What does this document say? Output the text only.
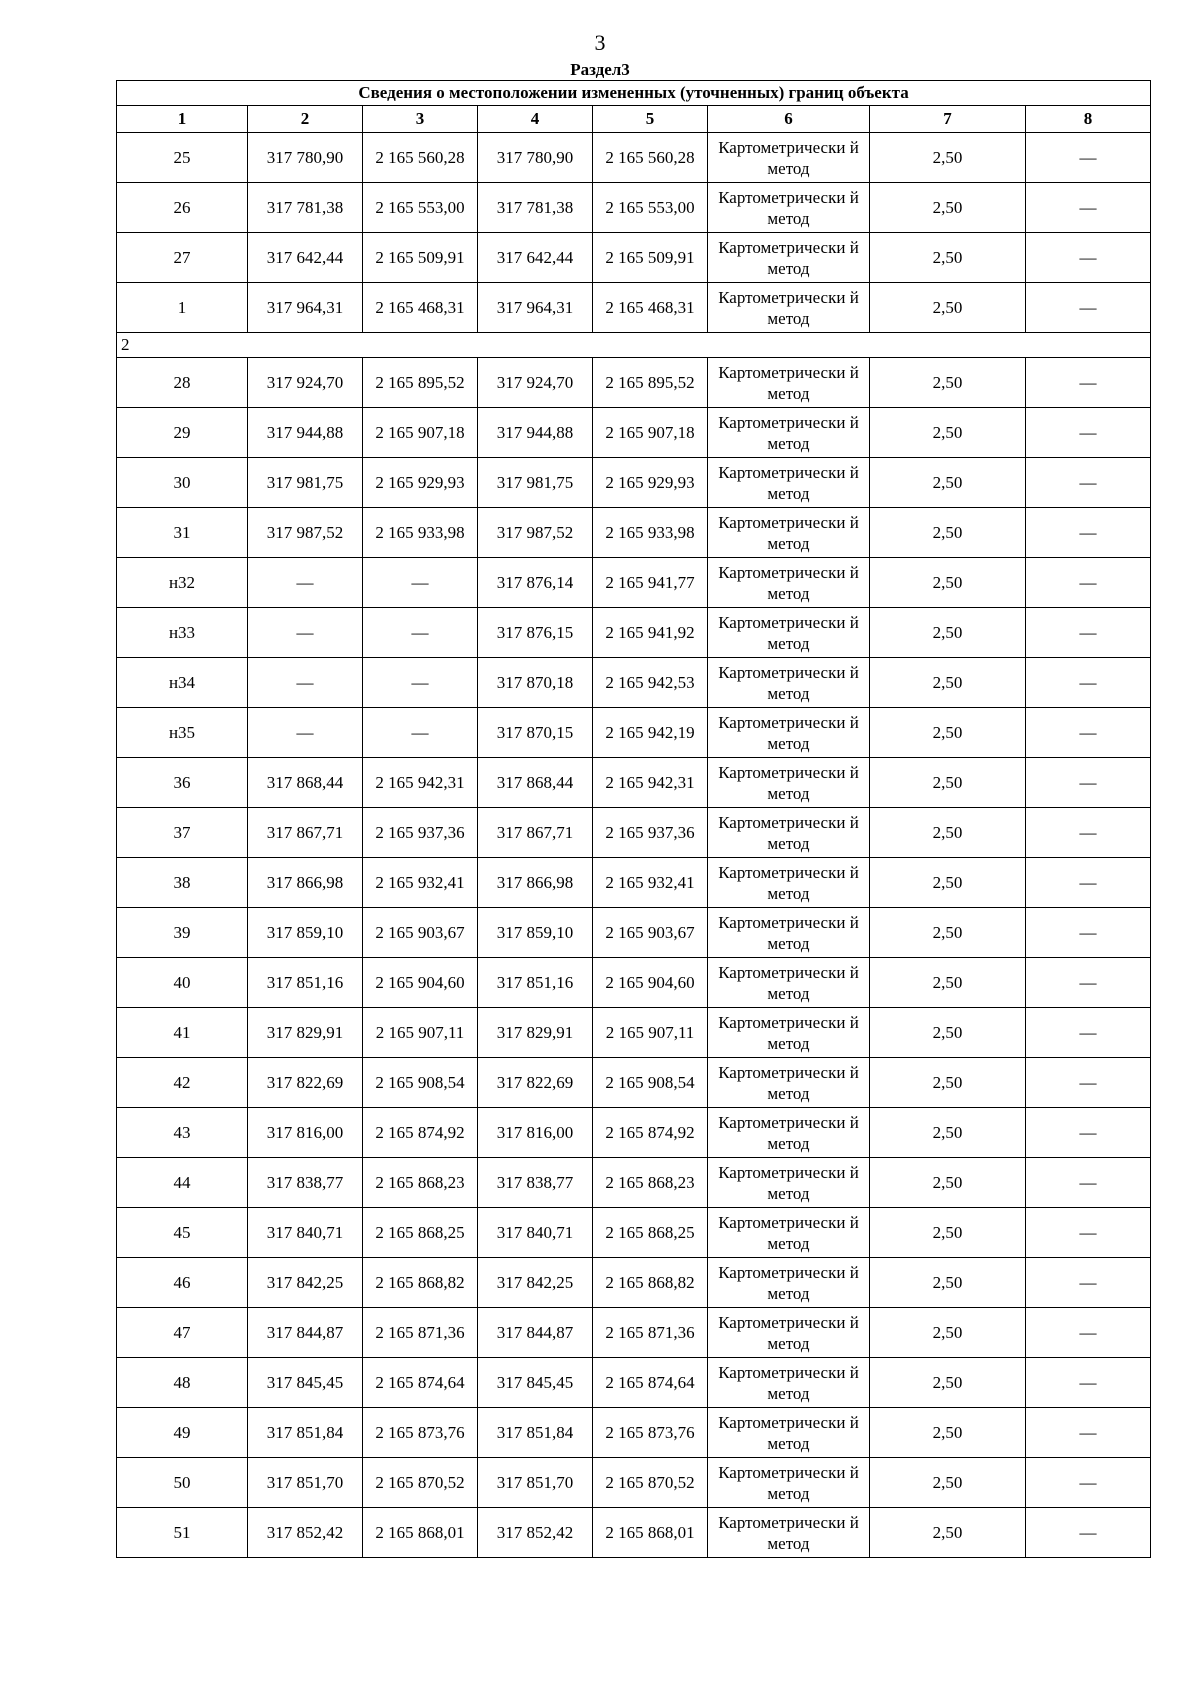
3
Раздел3
Сведения о местоположении измененных (уточненных) границ объекта							
1	2	3	4	5	6	7	8
25	317 780,90	2 165 560,28	317 780,90	2 165 560,28	Картометрически й метод	2,50	—
26	317 781,38	2 165 553,00	317 781,38	2 165 553,00	Картометрически й метод	2,50	—
27	317 642,44	2 165 509,91	317 642,44	2 165 509,91	Картометрически й метод	2,50	—
1	317 964,31	2 165 468,31	317 964,31	2 165 468,31	Картометрически й метод	2,50	—
2							
28	317 924,70	2 165 895,52	317 924,70	2 165 895,52	Картометрически й метод	2,50	—
29	317 944,88	2 165 907,18	317 944,88	2 165 907,18	Картометрически й метод	2,50	—
30	317 981,75	2 165 929,93	317 981,75	2 165 929,93	Картометрически й метод	2,50	—
31	317 987,52	2 165 933,98	317 987,52	2 165 933,98	Картометрически й метод	2,50	—
н32	—	—	317 876,14	2 165 941,77	Картометрически й метод	2,50	—
н33	—	—	317 876,15	2 165 941,92	Картометрически й метод	2,50	—
н34	—	—	317 870,18	2 165 942,53	Картометрически й метод	2,50	—
н35	—	—	317 870,15	2 165 942,19	Картометрически й метод	2,50	—
36	317 868,44	2 165 942,31	317 868,44	2 165 942,31	Картометрически й метод	2,50	—
37	317 867,71	2 165 937,36	317 867,71	2 165 937,36	Картометрически й метод	2,50	—
38	317 866,98	2 165 932,41	317 866,98	2 165 932,41	Картометрически й метод	2,50	—
39	317 859,10	2 165 903,67	317 859,10	2 165 903,67	Картометрически й метод	2,50	—
40	317 851,16	2 165 904,60	317 851,16	2 165 904,60	Картометрически й метод	2,50	—
41	317 829,91	2 165 907,11	317 829,91	2 165 907,11	Картометрически й метод	2,50	—
42	317 822,69	2 165 908,54	317 822,69	2 165 908,54	Картометрически й метод	2,50	—
43	317 816,00	2 165 874,92	317 816,00	2 165 874,92	Картометрически й метод	2,50	—
44	317 838,77	2 165 868,23	317 838,77	2 165 868,23	Картометрически й метод	2,50	—
45	317 840,71	2 165 868,25	317 840,71	2 165 868,25	Картометрически й метод	2,50	—
46	317 842,25	2 165 868,82	317 842,25	2 165 868,82	Картометрически й метод	2,50	—
47	317 844,87	2 165 871,36	317 844,87	2 165 871,36	Картометрически й метод	2,50	—
48	317 845,45	2 165 874,64	317 845,45	2 165 874,64	Картометрически й метод	2,50	—
49	317 851,84	2 165 873,76	317 851,84	2 165 873,76	Картометрически й метод	2,50	—
50	317 851,70	2 165 870,52	317 851,70	2 165 870,52	Картометрически й метод	2,50	—
51	317 852,42	2 165 868,01	317 852,42	2 165 868,01	Картометрически й метод	2,50	—
